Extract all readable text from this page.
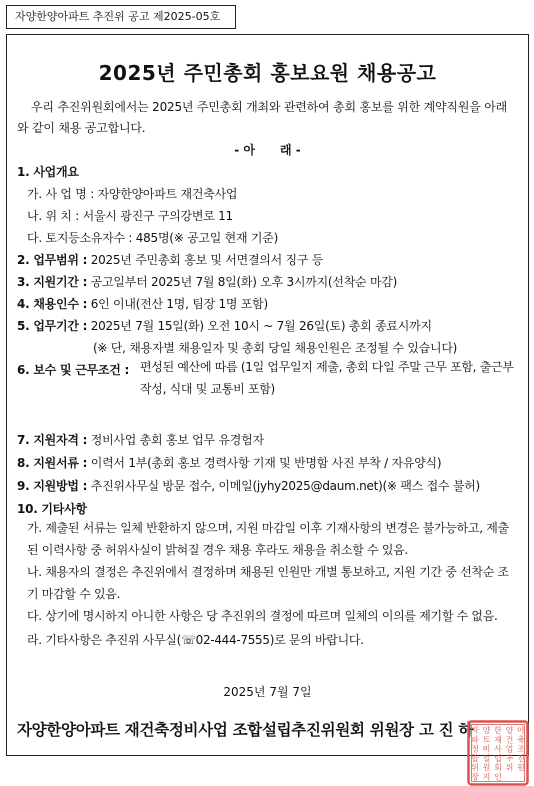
자양한양아파트 추진위 공고 제2025-05호
2025년 주민총회 홍보요원 채용공고
우리 추진위원회에서는 2025년 주민총회 개최와 관련하여 총회 홍보를 위한 계약직원을 아래와 같이 채용 공고합니다.
- 아      래 -
1. 사업개요
가. 사 업 명 : 자양한양아파트 재건축사업
나. 위 치 : 서울시 광진구 구의강변로 11
다. 토지등소유자수 : 485명(※ 공고일 현재 기준)
2. 업무범위 : 2025년 주민총회 홍보 및 서면결의서 징구 등
3. 지원기간 : 공고일부터 2025년 7월 8일(화) 오후 3시까지(선착순 마감)
4. 채용인수 : 6인 이내(전산 1명, 팀장 1명 포함)
5. 업무기간 : 2025년 7월 15일(화) 오전 10시 ~ 7월 26일(토) 총회 종료시까지
(※ 단, 채용자별 채용일자 및 총회 당일 채용인원은 조정될 수 있습니다)
6. 보수 및 근무조건 : 편성된 예산에 따름 (1일 업무일지 제출, 총회 다일 주말 근무 포함, 출근부 작성, 식대 및 교통비 포함)
7. 지원자격 : 정비사업 총회 홍보 업무 유경험자
8. 지원서류 : 이력서 1부(총회 홍보 경력사항 기재 및 반명함 사진 부착 / 자유양식)
9. 지원방법 : 추진위사무실 방문 접수, 이메일(jyhy2025@daum.net)(※ 팩스 접수 불허)
10. 기타사항
가. 제출된 서류는 일체 반환하지 않으며, 지원 마감일 이후 기재사항의 변경은 불가능하고, 제출된 이력사항 중 허위사실이 밝혀질 경우 채용 후라도 채용을 취소할 수 있음.
나. 채용자의 결정은 추진위에서 결정하며 채용된 인원만 개별 통보하고, 지원 기간 중 선착순 조기 마감할 수 있음.
다. 상기에 명시하지 아니한 사항은 당 추진위의 결정에 따르며 일체의 이의를 제기할 수 없음.
라. 기타사항은 추진위 사무실(☏02-444-7555)로 문의 바랍니다.
2025년 7월 7일
자양한양아파트 재건축정비사업 조합설립추진위원회 위원장 고 진 하
자 양 한 양 아
파 트 재 건 축
정 비 사 업 조
합 설 립 추 진
위 원 회 위 원
장 지 인
